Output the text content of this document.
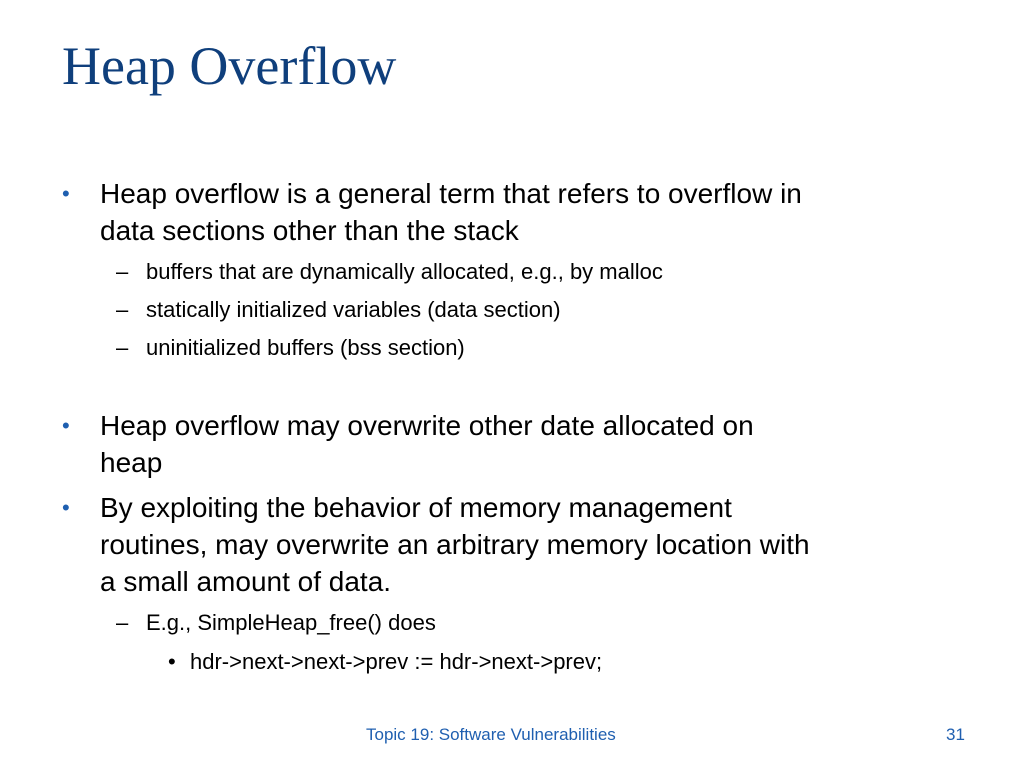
Heap Overflow
•	Heap overflow is a general term that refers to overflow in
data sections other than the stack
– buffers that are dynamically allocated, e.g., by malloc
– statically initialized variables (data section)
– uninitialized buffers (bss section)
•	Heap overflow may overwrite other date allocated on
heap
•	By exploiting the behavior of memory management
routines, may overwrite an arbitrary memory location with
a small amount of data.
– E.g., SimpleHeap_free() does
• hdr->next->next->prev := hdr->next->prev;
Topic 19: Software Vulnerabilities	31
